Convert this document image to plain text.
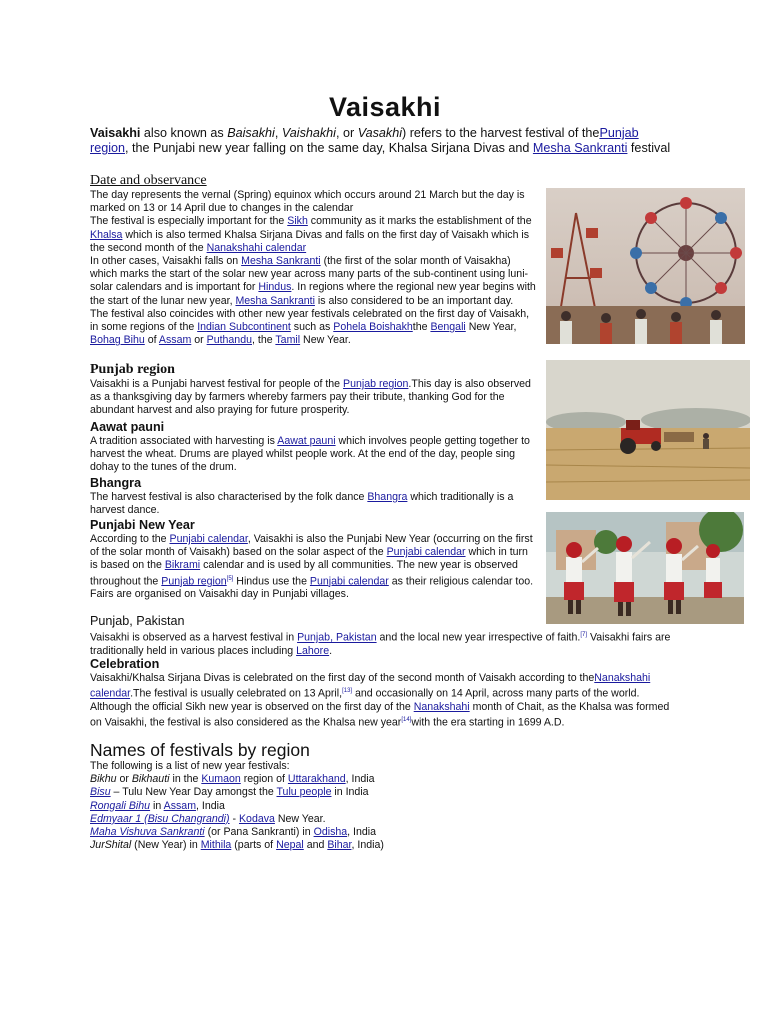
Vaisakhi
Vaisakhi also known as Baisakhi, Vaishakhi, or Vasakhi) refers to the harvest festival of thePunjab region, the Punjabi new year falling on the same day, Khalsa Sirjana Divas and Mesha Sankranti festival
Date and observance

The day represents the vernal (Spring) equinox which occurs around 21 March but the day is marked on 13 or 14 April due to changes in the calendar

The festival is especially important for the Sikh community as it marks the establishment of the Khalsa which is also termed Khalsa Sirjana Divas and falls on the first day of Vaisakh which is the second month of the Nanakshahi calendar

In other cases, Vaisakhi falls on Mesha Sankranti (the first of the solar month of Vaisakha) which marks the start of the solar new year across many parts of the sub-continent using luni-solar calendars and is important for Hindus. In regions where the regional new year begins with the start of the lunar new year, Mesha Sankranti is also considered to be an important day.

The festival also coincides with other new year festivals celebrated on the first day of Vaisakh, in some regions of the Indian Subcontinent such as Pohela Boishakhthe Bengali New Year, Bohag Bihu of Assam or Puthandu, the Tamil New Year.

Punjab region

Vaisakhi is a Punjabi harvest festival for people of the Punjab region.This day is also observed as a thanksgiving day by farmers whereby farmers pay their tribute, thanking God for the abundant harvest and also praying for future prosperity.

Aawat pauni

A tradition associated with harvesting is Aawat pauni which involves people getting together to harvest the wheat. Drums are played whilst people work. At the end of the day, people sing dohay to the tunes of the drum.

Bhangra

The harvest festival is also characterised by the folk dance Bhangra which traditionally is a harvest dance.

Punjabi New Year

According to the Punjabi calendar, Vaisakhi is also the Punjabi New Year (occurring on the first of the solar month of Vaisakh) based on the solar aspect of the Punjabi calendar which in turn is based on the Bikrami calendar and is used by all communities. The new year is observed throughout the Punjab region[5] Hindus use the Punjabi calendar as their religious calendar too. Fairs are organised on Vaisakhi day in Punjabi villages.

Punjab, Pakistan

Vaisakhi is observed as a harvest festival in Punjab, Pakistan and the local new year irrespective of faith.[7] Vaisakhi fairs are traditionally held in various places including Lahore.

Celebration

Vaisakhi/Khalsa Sirjana Divas is celebrated on the first day of the second month of Vaisakh according to theNanakshahi calendar.The festival is usually celebrated on 13 April,[13] and occasionally on 14 April, across many parts of the world. Although the official Sikh new year is observed on the first day of the Nanakshahi month of Chait, as the Khalsa was formed on Vaisakhi, the festival is also considered as the Khalsa new year[14]with the era starting in 1699 A.D.

Names of festivals by region

The following is a list of new year festivals:

Bikhu or Bikhauti in the Kumaon region of Uttarakhand, India

Bisu – Tulu New Year Day amongst the Tulu people in India

Rongali Bihu in Assam, India

Edmyaar 1 (Bisu Changrandi) - Kodava New Year.

Maha Vishuva Sankranti (or Pana Sankranti) in Odisha, India

JurShital (New Year) in Mithila (parts of Nepal and Bihar, India)
